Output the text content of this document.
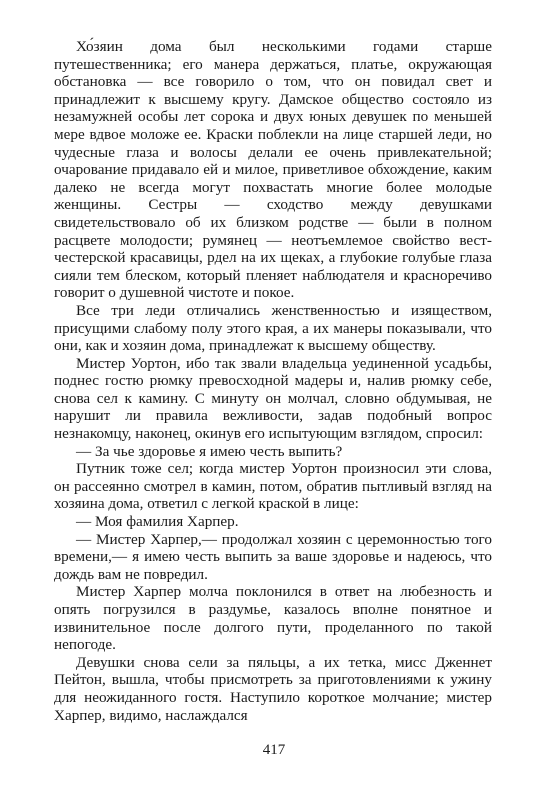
Хо́зяин дома был несколькими годами старше путешественника; его манера держаться, платье, окружающая обстановка — все говорило о том, что он повидал свет и принадлежит к высшему кругу. Дамское общество состояло из незамужней особы лет сорока и двух юных девушек по меньшей мере вдвое моложе ее. Краски поблекли на лице старшей леди, но чудесные глаза и волосы делали ее очень привлекательной; очарование придавало ей и милое, приветливое обхождение, каким далеко не всегда могут похвастать многие более молодые женщины. Сестры — сходство между девушками свидетельствовало об их близком родстве — были в полном расцвете молодости; румянец — неотъемлемое свойство вест-честерской красавицы, рдел на их щеках, а глубокие голубые глаза сияли тем блеском, который пленяет наблюдателя и красноречиво говорит о душевной чистоте и покое.

Все три леди отличались женственностью и изяществом, присущими слабому полу этого края, а их манеры показывали, что они, как и хозяин дома, принадлежат к высшему обществу.

Мистер Уортон, ибо так звали владельца уединенной усадьбы, поднес гостю рюмку превосходной мадеры и, налив рюмку себе, снова сел к камину. С минуту он молчал, словно обдумывая, не нарушит ли правила вежливости, задав подобный вопрос незнакомцу, наконец, окинув его испытующим взглядом, спросил:

— За чье здоровье я имею честь выпить?

Путник тоже сел; когда мистер Уортон произносил эти слова, он рассеянно смотрел в камин, потом, обратив пытливый взгляд на хозяина дома, ответил с легкой краской в лице:

— Моя фамилия Харпер.

— Мистер Харпер,— продолжал хозяин с церемонностью того времени,— я имею честь выпить за ваше здоровье и надеюсь, что дождь вам не повредил.

Мистер Харпер молча поклонился в ответ на любезность и опять погрузился в раздумье, казалось вполне понятное и извинительное после долгого пути, проделанного по такой непогоде.

Девушки снова сели за пяльцы, а их тетка, мисс Дженнет Пейтон, вышла, чтобы присмотреть за приготовлениями к ужину для неожиданного гостя. Наступило короткое молчание; мистер Харпер, видимо, наслаждался

417
